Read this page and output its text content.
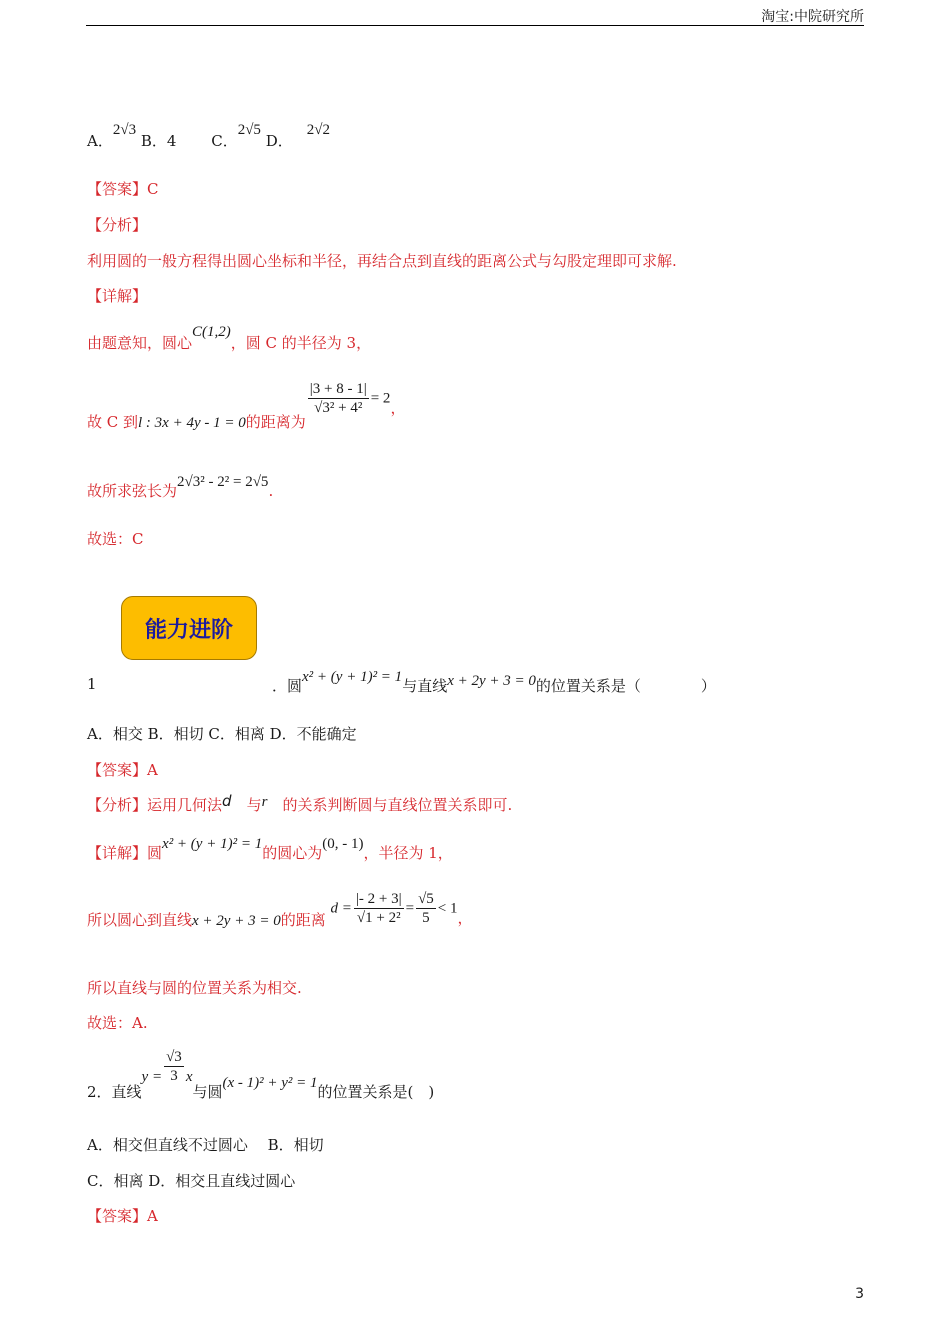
淘宝:中院研究所
A．2√3 B．4　　 C．2√5 D．2√2
【答案】C
【分析】
利用圆的一般方程得出圆心坐标和半径，再结合点到直线的距离公式与勾股定理即可求解.
【详解】
由题意知，圆心C(1,2)，圆 C 的半径为 3，
故 C 到l : 3x + 4y - 1 = 0的距离为
$\frac{|3 + 8 - 1|}{\text{√3² + 4²}} = 2$，
故所求弦长为2√3² - 2² = 2√5.
故选：C
能力进阶
1	．圆x² + (y + 1)² = 1与直线x + 2y + 3 = 0的位置关系是（　　　　）
A．相交 B．相切 C．相离 D．不能确定
【答案】A
【分析】运用几何法d　 与r　 的关系判断圆与直线位置关系即可.
【详解】圆x² + (y + 1)² = 1的圆心为(0, - 1)，半径为 1，
所以圆心到直线x + 2y + 3 = 0的距离 $d = \frac{|- 2 + 3|}{\text{√1 + 2²}} = \frac{√5}{5} < 1$，
所以直线与圆的位置关系为相交.
故选：A.
2．直线$y = \frac{√3}{3}$ x与圆(x - 1)² + y² = 1的位置关系是(　)
A．相交但直线不过圆心　 B．相切
C．相离 D．相交且直线过圆心
【答案】A
3
